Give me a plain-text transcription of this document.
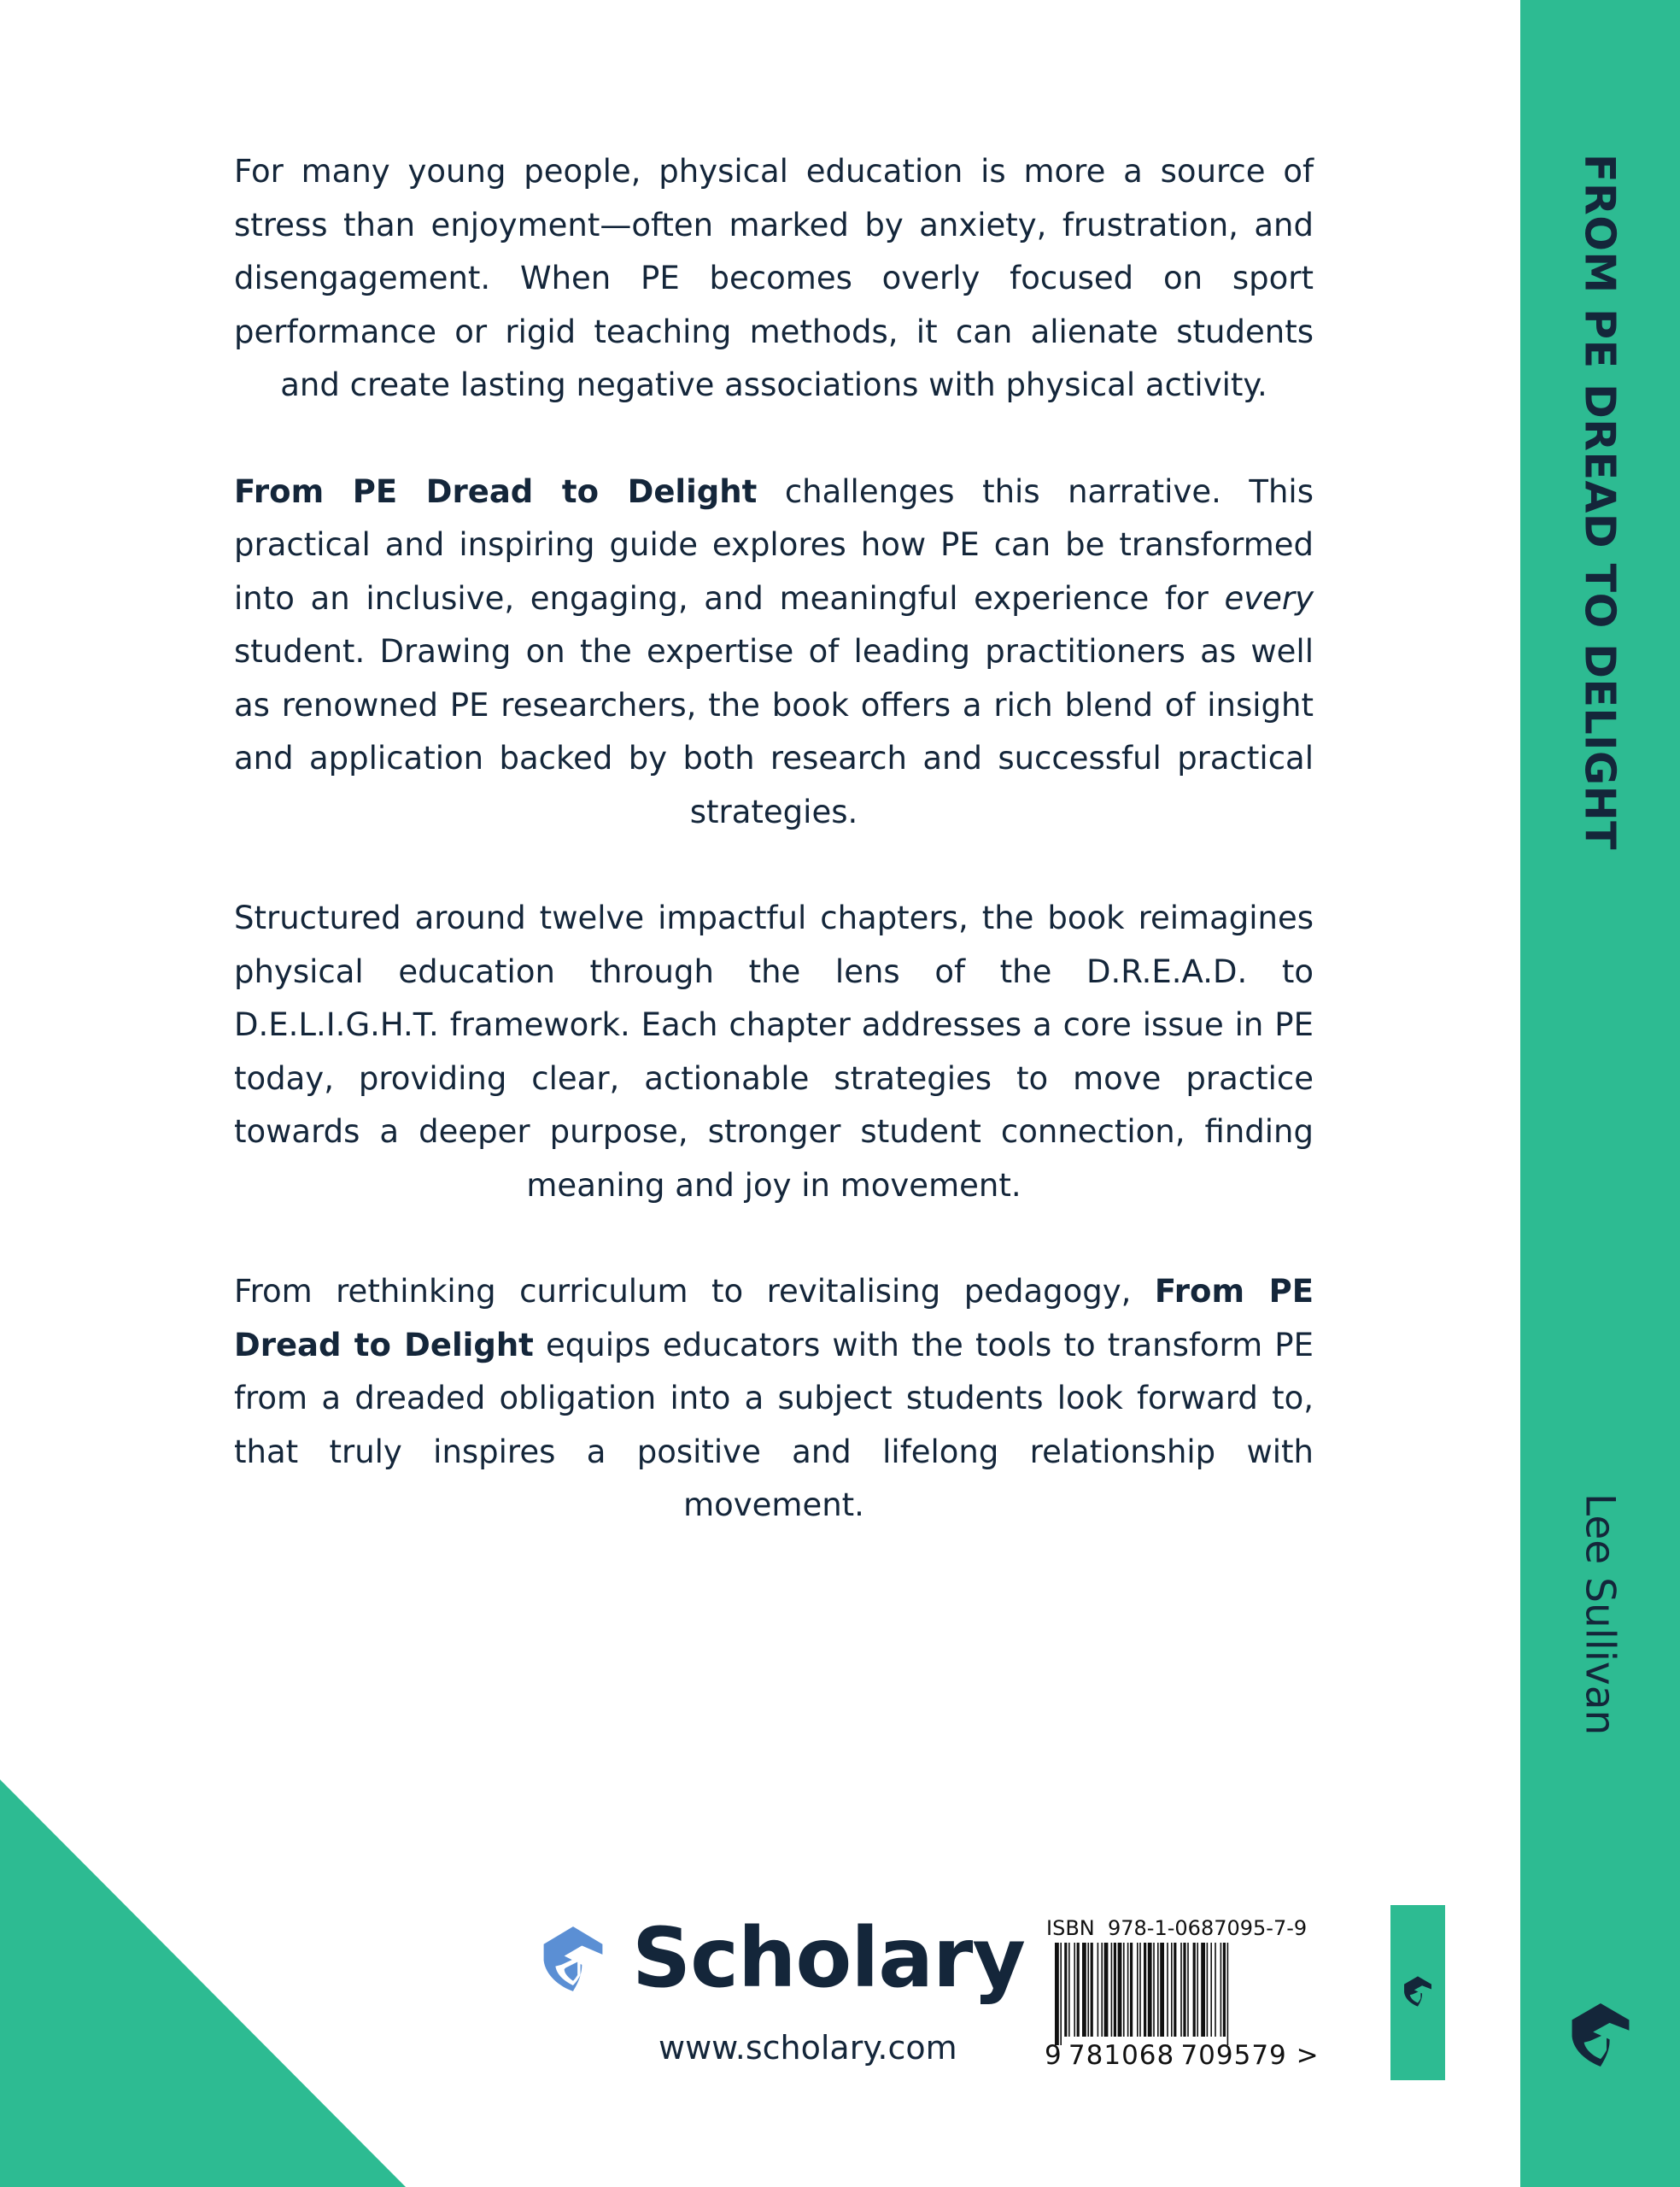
FROM PE DREAD TO DELIGHT
Lee Sullivan

For many young people, physical education is more a source of stress than enjoyment—often marked by anxiety, frustration, and disengagement. When PE becomes overly focused on sport performance or rigid teaching methods, it can alienate students and create lasting negative associations with physical activity.

From PE Dread to Delight challenges this narrative. This practical and inspiring guide explores how PE can be transformed into an inclusive, engaging, and meaningful experience for every student. Drawing on the expertise of leading practitioners as well as renowned PE researchers, the book offers a rich blend of insight and application backed by both research and successful practical strategies.

Structured around twelve impactful chapters, the book reimagines physical education through the lens of the D.R.E.A.D. to D.E.L.I.G.H.T. framework. Each chapter addresses a core issue in PE today, providing clear, actionable strategies to move practice towards a deeper purpose, stronger student connection, finding meaning and joy in movement.

From rethinking curriculum to revitalising pedagogy, From PE Dread to Delight equips educators with the tools to transform PE from a dreaded obligation into a subject students look forward to, that truly inspires a positive and lifelong relationship with movement.

Scholary
www.scholary.com
ISBN 978-1-0687095-7-9
9 781068 709579 >
